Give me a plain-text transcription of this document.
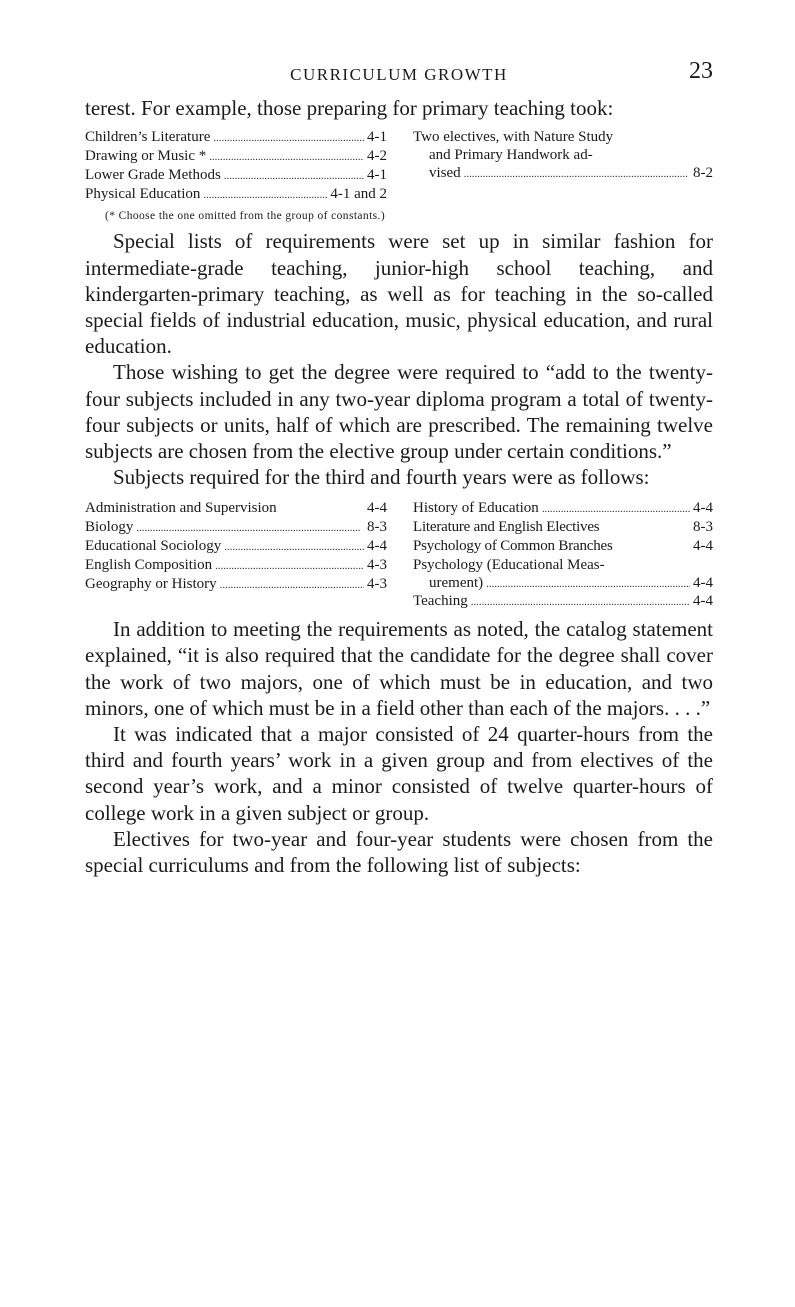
CURRICULUM GROWTH	23

terest. For example, those preparing for primary teaching took:

Children’s Literature . . .	4-1
Drawing or Music * . . .	4-2
Lower Grade Methods . . .	4-1
Physical Education . . .	4-1 and 2
Two electives, with Nature Study
and Primary Handwork ad-
vised . . .	8-2
(* Choose the one omitted from the group of constants.)

Special lists of requirements were set up in similar fashion for intermediate-grade teaching, junior-high school teaching, and kindergarten-primary teaching, as well as for teaching in the so-called special fields of industrial education, music, physical education, and rural education.

Those wishing to get the degree were required to “add to the twenty-four subjects included in any two-year diploma program a total of twenty-four subjects or units, half of which are prescribed. The remaining twelve subjects are chosen from the elective group under certain conditions.”

Subjects required for the third and fourth years were as follows:

Administration and Supervision	4-4
Biology . . .	8-3
Educational Sociology . . .	4-4
English Composition . . .	4-3
Geography or History . . .	4-3
History of Education . . .	4-4
Literature and English Electives	8-3
Psychology of Common Branches	4-4
Psychology (Educational Meas-
urement) . . .	4-4
Teaching . . .	4-4

In addition to meeting the requirements as noted, the catalog statement explained, “it is also required that the candidate for the degree shall cover the work of two majors, one of which must be in education, and two minors, one of which must be in a field other than each of the majors. . . .”

It was indicated that a major consisted of 24 quarter-hours from the third and fourth years’ work in a given group and from electives of the second year’s work, and a minor consisted of twelve quarter-hours of college work in a given subject or group.

Electives for two-year and four-year students were chosen from the special curriculums and from the following list of subjects:
